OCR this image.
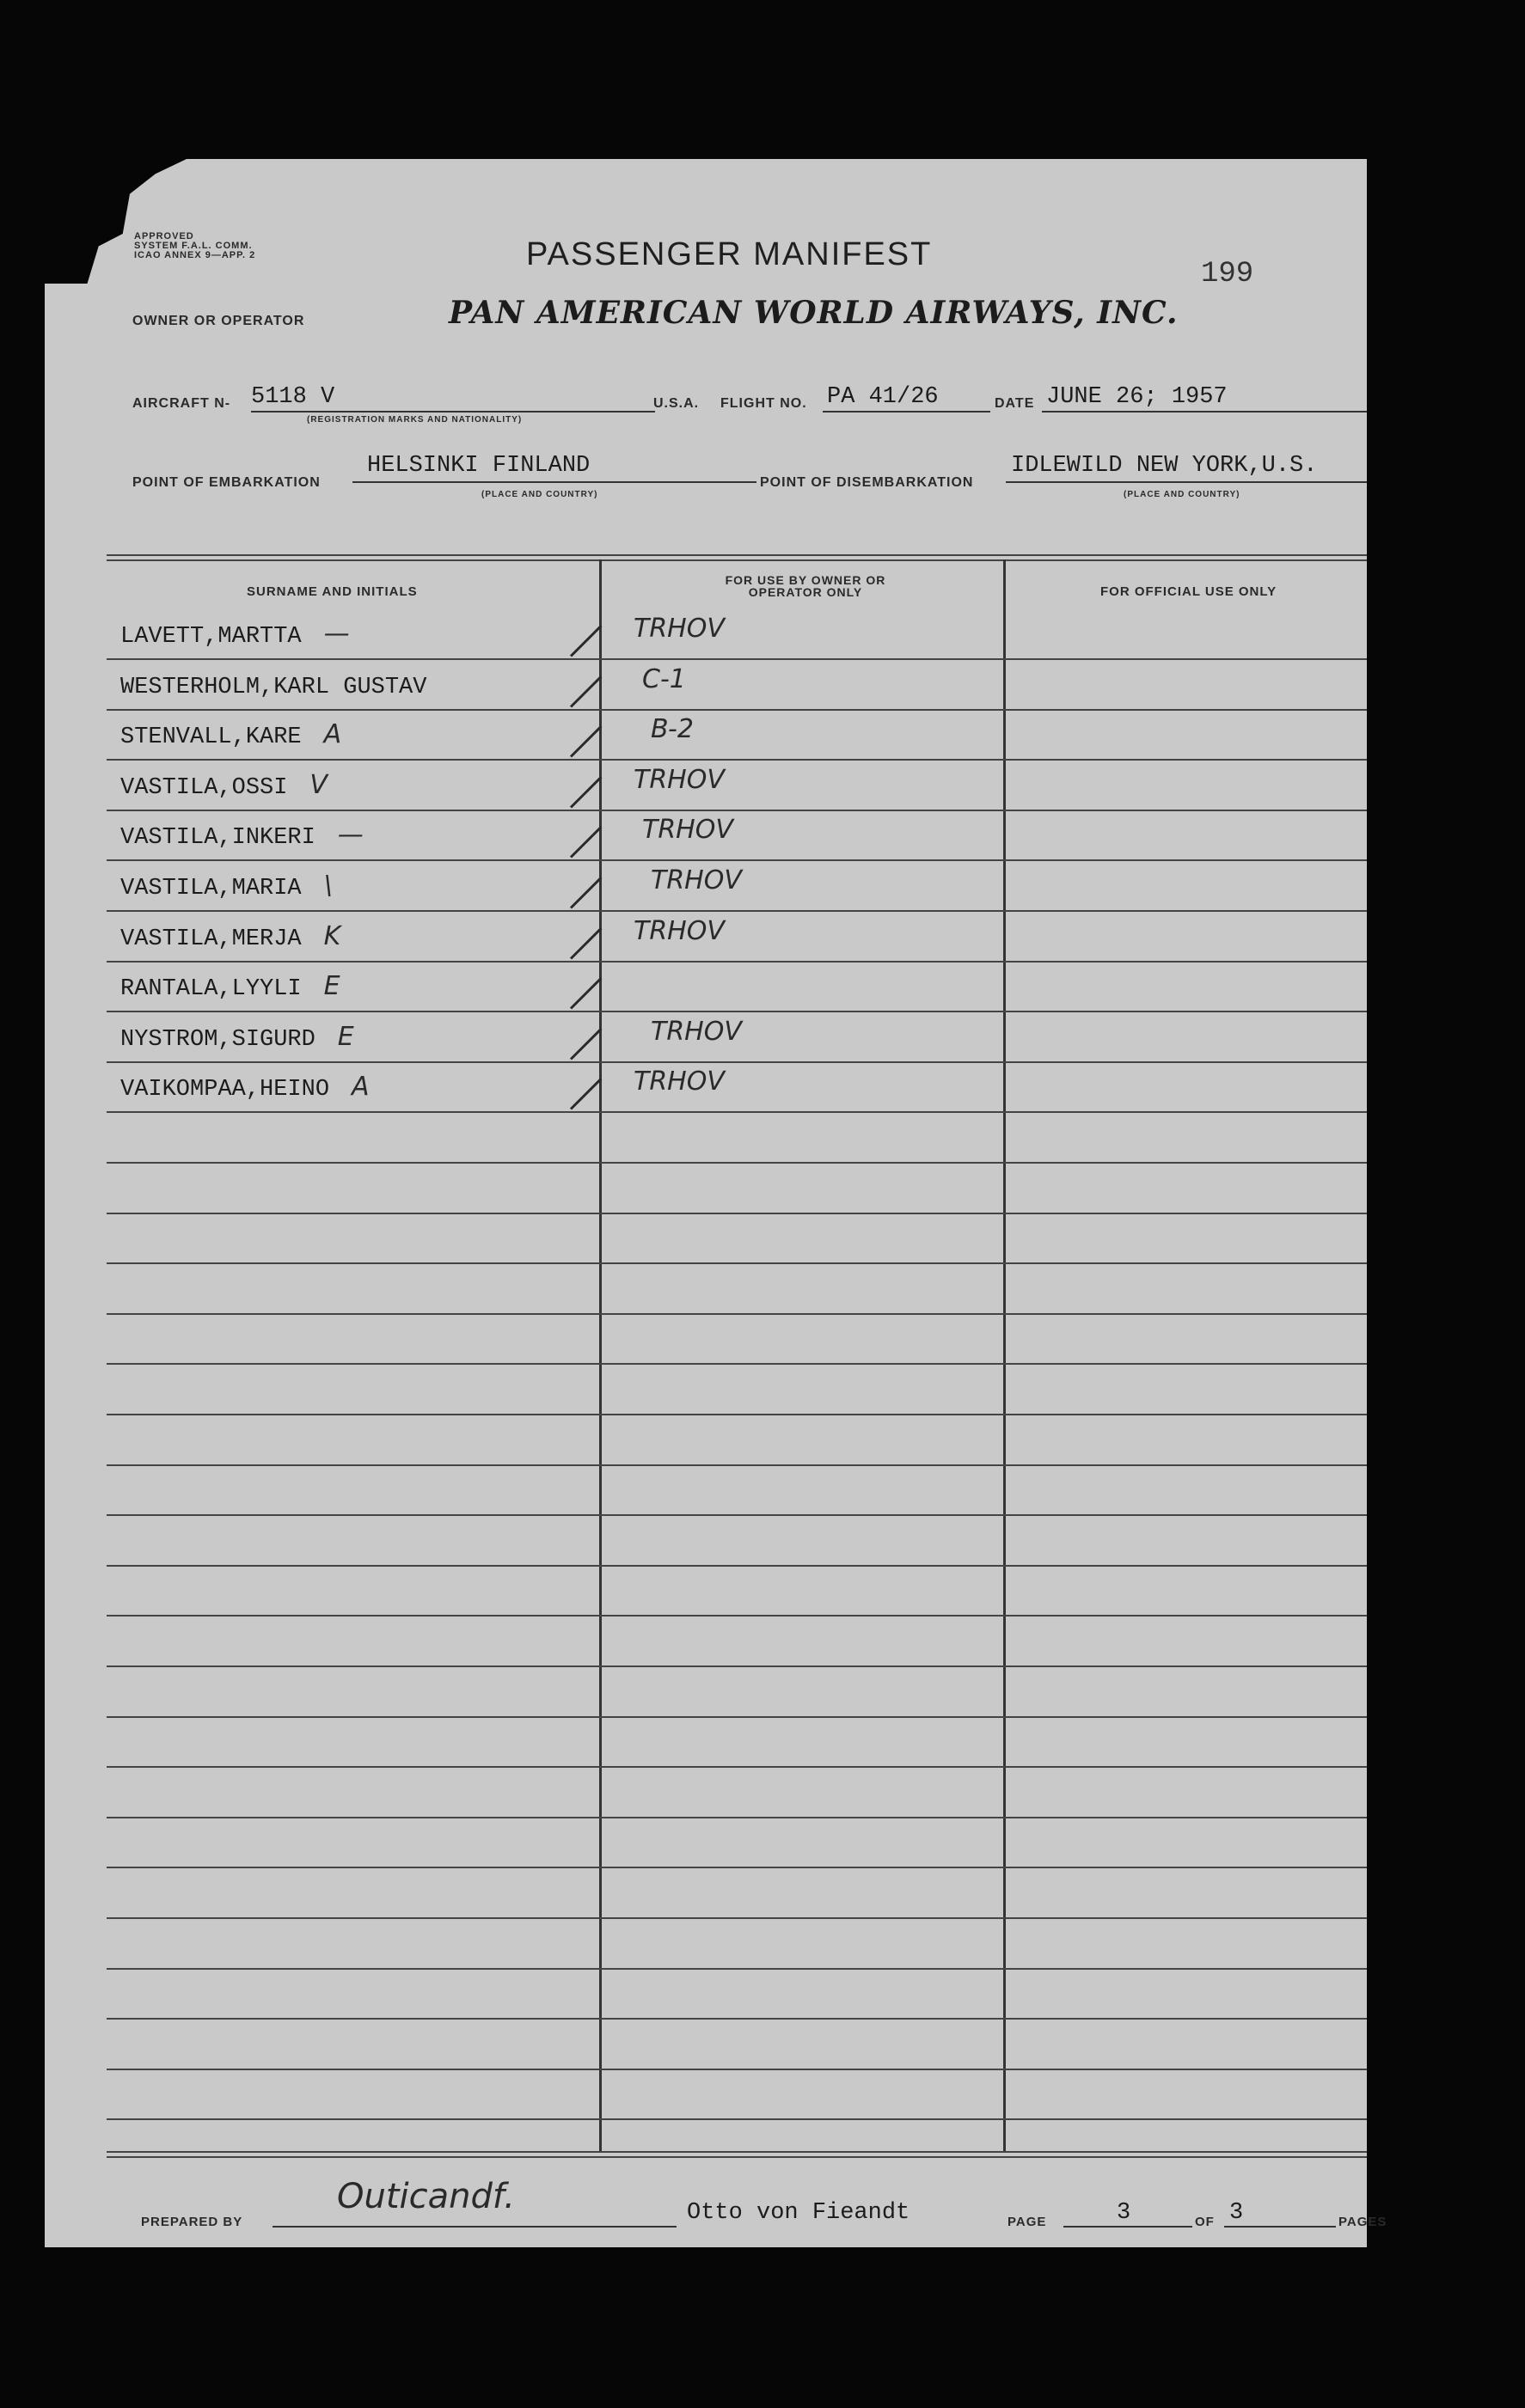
APPROVED
SYSTEM F.A.L. COMM.
ICAO ANNEX 9—APP. 2	PASSENGER MANIFEST
199
OWNER OR OPERATOR	PAN AMERICAN WORLD AIRWAYS, INC.
AIRCRAFT N- 5118 V
(REGISTRATION MARKS AND NATIONALITY)
U.S.A. FLIGHT NO. PA 41/26	DATE JUNE 26; 1957
POINT OF EMBARKATION
HELSINKI FINLAND
(PLACE AND COUNTRY)
POINT OF DISEMBARKATION
IDLEWILD NEW YORK,U.S.
(PLACE AND COUNTRY)
SURNAME AND INITIALS
FOR USE BY OWNER OR OPERATOR ONLY	FOR OFFICIAL USE ONLY
LAVETT,MARTTA —	TRHOV
WESTERHOLM,KARL GUSTAV	C-1
STENVALL,KARE A	B-2
VASTILA,OSSI V	TRHOV
VASTILA,INKERI —	TRHOV
VASTILA,MARIA \	TRHOV
VASTILA,MERJA K	TRHOV
RANTALA,LYYLI E
NYSTROM,SIGURD E	TRHOV
VAIKOMPAA,HEINO A	TRHOV
PREPARED BY
Outicandf.	Otto von Fieandt	PAGE	3	OF 3	PAGES
